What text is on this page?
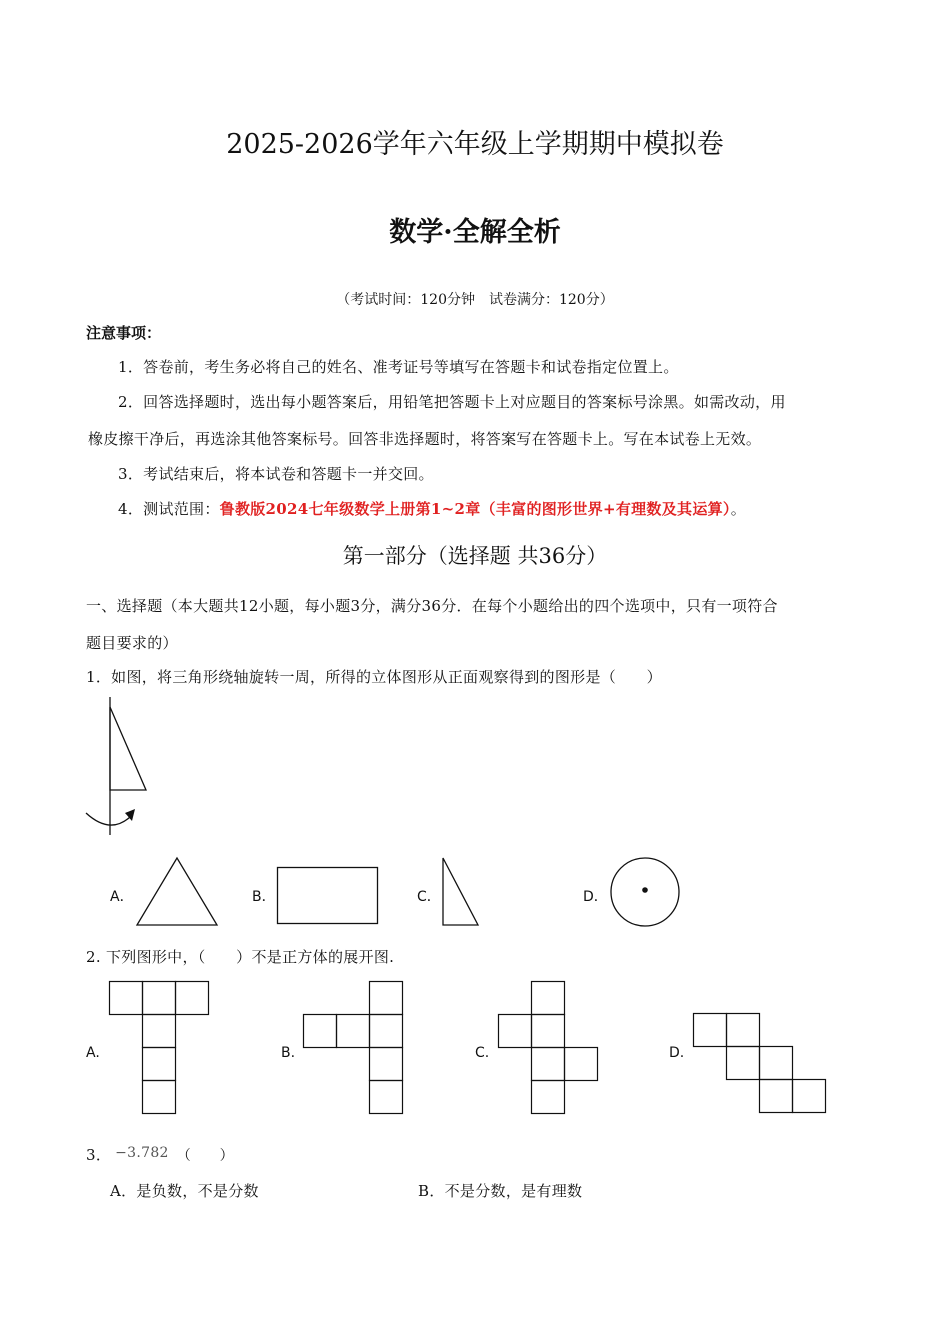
2025-2026学年六年级上学期期中模拟卷
数学·全解全析
（考试时间：120分钟　试卷满分：120分）
注意事项：
1．答卷前，考生务必将自己的姓名、准考证号等填写在答题卡和试卷指定位置上。
2．回答选择题时，选出每小题答案后，用铅笔把答题卡上对应题目的答案标号涂黑。如需改动，用
橡皮擦干净后，再选涂其他答案标号。回答非选择题时，将答案写在答题卡上。写在本试卷上无效。
3．考试结束后，将本试卷和答题卡一并交回。
4．测试范围：鲁教版2024七年级数学上册第1~2章（丰富的图形世界+有理数及其运算）。
第一部分（选择题 共36分）
一、选择题（本大题共12小题，每小题3分，满分36分．在每个小题给出的四个选项中，只有一项符合
题目要求的）
1．如图，将三角形绕轴旋转一周，所得的立体图形从正面观察得到的图形是（　　）
A．	B．	C．	D．
2. 下列图形中，（　　）不是正方体的展开图.
A.	B.	C.	D.
3． −3.782 （　　）
A．是负数，不是分数	B．不是分数，是有理数
